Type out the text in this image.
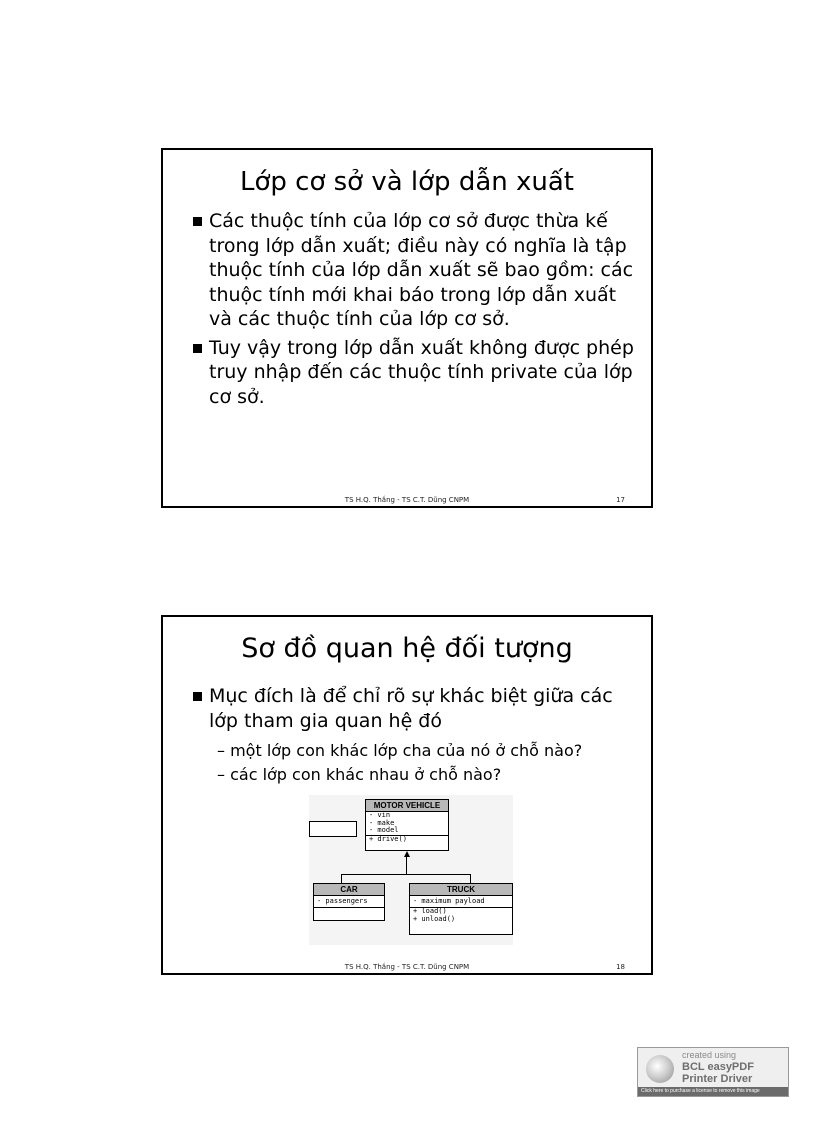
Lớp cơ sở và lớp dẫn xuất
Các thuộc tính của lớp cơ sở được thừa kế trong lớp dẫn xuất; điều này có nghĩa là tập thuộc tính của lớp dẫn xuất sẽ bao gồm: các thuộc tính mới khai báo trong lớp dẫn xuất và các thuộc tính của lớp cơ sở.
Tuy vậy trong lớp dẫn xuất không được phép truy nhập đến các thuộc tính private của lớp cơ sở.
TS H.Q. Thắng - TS C.T. Dũng CNPM	17
Sơ đồ quan hệ đối tượng
Mục đích là để chỉ rõ sự khác biệt giữa các lớp tham gia quan hệ đó
– một lớp con khác lớp cha của nó ở chỗ nào?
– các lớp con khác nhau ở chỗ nào?
MOTOR VEHICLE
- vin
- make
- model
+ drive()
CAR
- passengers
TRUCK
- maximum payload
+ load()
+ unload()
TS H.Q. Thắng - TS C.T. Dũng CNPM	18
created using
BCL easyPDF
Printer Driver
Click here to purchase a license to remove this image
